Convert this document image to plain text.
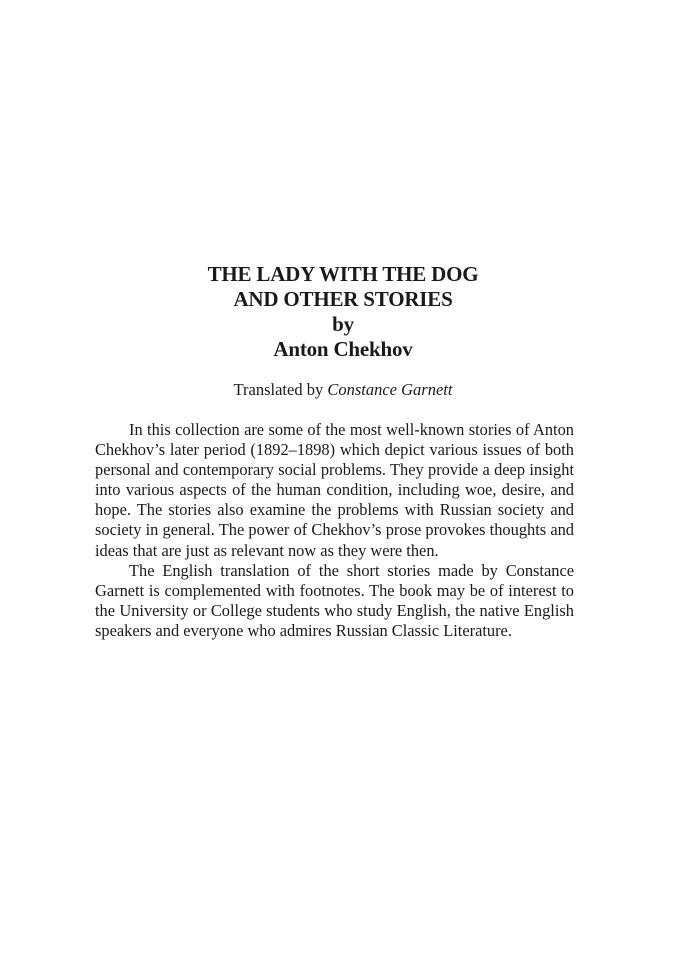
THE LADY WITH THE DOG
AND OTHER STORIES
by
Anton Chekhov
Translated by Constance Garnett

In this collection are some of the most well-known stories of Anton Chekhov’s later period (1892–1898) which depict various issues of both personal and contemporary social problems. They provide a deep insight into various aspects of the human condition, including woe, desire, and hope. The stories also examine the problems with Russian society and society in general. The power of Chekhov’s prose provokes thoughts and ideas that are just as relevant now as they were then.

The English translation of the short stories made by Constance Garnett is complemented with footnotes. The book may be of interest to the University or College students who study English, the native English speakers and everyone who admires Russian Classic Literature.
